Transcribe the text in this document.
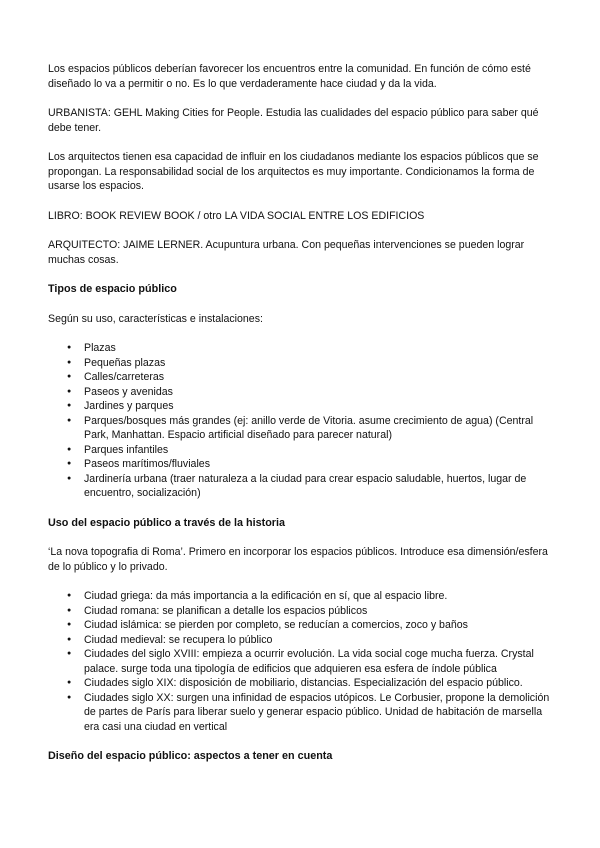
Los espacios públicos deberían favorecer los encuentros entre la comunidad. En función de cómo esté diseñado lo va a permitir o no. Es lo que verdaderamente hace ciudad y da la vida.

URBANISTA: GEHL Making Cities for People. Estudia las cualidades del espacio público para saber qué debe tener.

Los arquitectos tienen esa capacidad de influir en los ciudadanos mediante los espacios públicos que se propongan. La responsabilidad social de los arquitectos es muy importante. Condicionamos la forma de usarse los espacios.

LIBRO: BOOK REVIEW BOOK / otro LA VIDA SOCIAL ENTRE LOS EDIFICIOS

ARQUITECTO: JAIME LERNER. Acupuntura urbana. Con pequeñas intervenciones se pueden lograr muchas cosas.

Tipos de espacio público

Según su uso, características e instalaciones:

● Plazas
● Pequeñas plazas
● Calles/carreteras
● Paseos y avenidas
● Jardines y parques
● Parques/bosques más grandes (ej: anillo verde de Vitoria. asume crecimiento de agua) (Central Park, Manhattan. Espacio artificial diseñado para parecer natural)
● Parques infantiles
● Paseos marítimos/fluviales
● Jardinería urbana (traer naturaleza a la ciudad para crear espacio saludable, huertos, lugar de encuentro, socialización)
Uso del espacio público a través de la historia

‘La nova topografia di Roma’. Primero en incorporar los espacios públicos. Introduce esa dimensión/esfera de lo público y lo privado.

● Ciudad griega: da más importancia a la edificación en sí, que al espacio libre.
● Ciudad romana: se planifican a detalle los espacios públicos
● Ciudad islámica: se pierden por completo, se reducían a comercios, zoco y baños
● Ciudad medieval: se recupera lo público
● Ciudades del siglo XVIII: empieza a ocurrir evolución. La vida social coge mucha fuerza. Crystal palace. surge toda una tipología de edificios que adquieren esa esfera de índole pública
● Ciudades siglo XIX: disposición de mobiliario, distancias. Especialización del espacio público.
● Ciudades siglo XX: surgen una infinidad de espacios utópicos. Le Corbusier, propone la demolición de partes de París para liberar suelo y generar espacio público. Unidad de habitación de marsella era casi una ciudad en vertical
Diseño del espacio público: aspectos a tener en cuenta
